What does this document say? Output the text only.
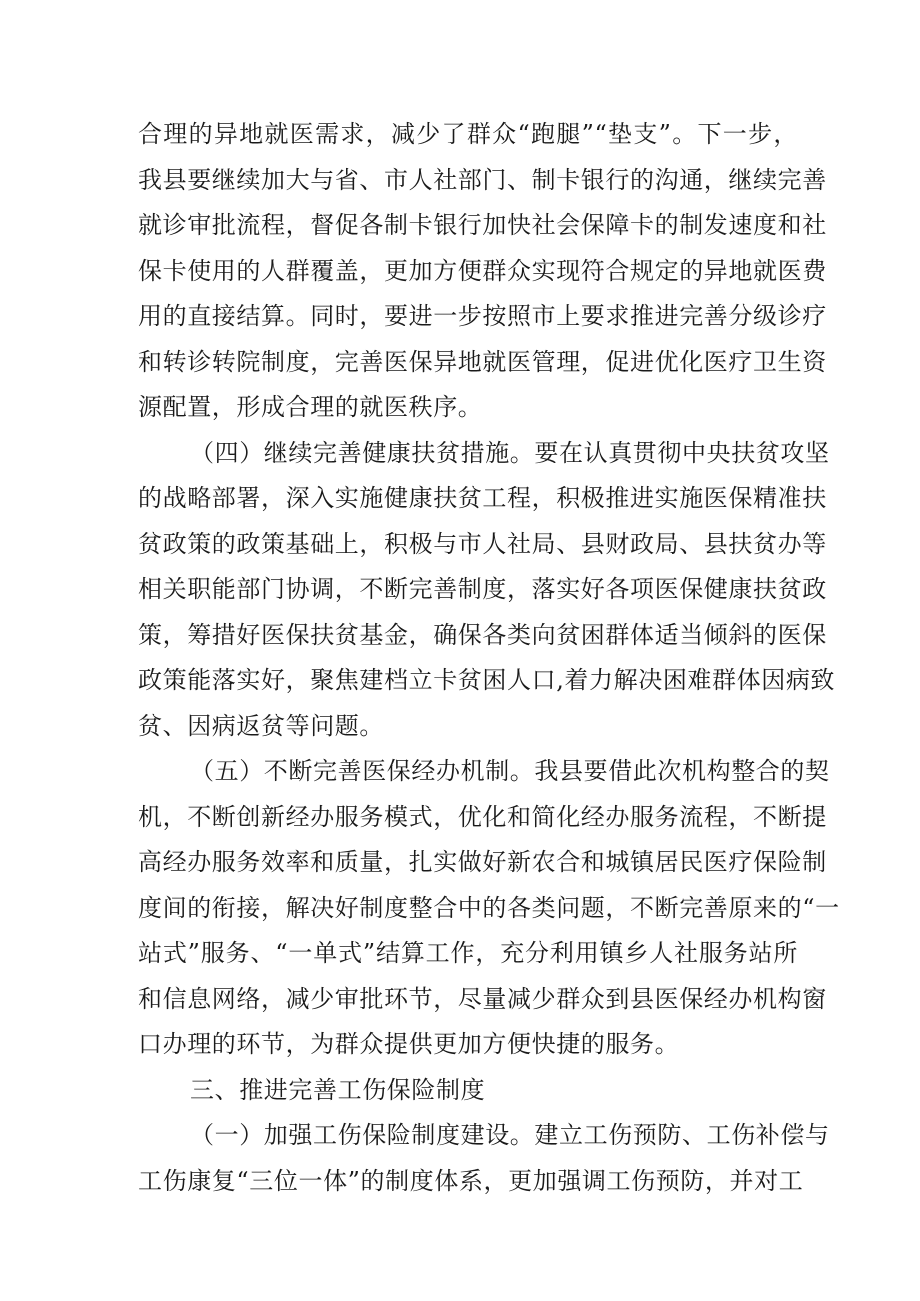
合理的异地就医需求，减少了群众“跑腿”“垫支”。下一步，
我县要继续加大与省、市人社部门、制卡银行的沟通，继续完善
就诊审批流程，督促各制卡银行加快社会保障卡的制发速度和社
保卡使用的人群覆盖，更加方便群众实现符合规定的异地就医费
用的直接结算。同时，要进一步按照市上要求推进完善分级诊疗
和转诊转院制度，完善医保异地就医管理，促进优化医疗卫生资
源配置，形成合理的就医秩序。
（四）继续完善健康扶贫措施。要在认真贯彻中央扶贫攻坚
的战略部署，深入实施健康扶贫工程，积极推进实施医保精准扶
贫政策的政策基础上，积极与市人社局、县财政局、县扶贫办等
相关职能部门协调，不断完善制度，落实好各项医保健康扶贫政
策，筹措好医保扶贫基金，确保各类向贫困群体适当倾斜的医保
政策能落实好，聚焦建档立卡贫困人口,着力解决困难群体因病致
贫、因病返贫等问题。
（五）不断完善医保经办机制。我县要借此次机构整合的契
机，不断创新经办服务模式，优化和简化经办服务流程，不断提
高经办服务效率和质量，扎实做好新农合和城镇居民医疗保险制
度间的衔接，解决好制度整合中的各类问题，不断完善原来的“一
站式”服务、“一单式”结算工作，充分利用镇乡人社服务站所
和信息网络，减少审批环节，尽量减少群众到县医保经办机构窗
口办理的环节，为群众提供更加方便快捷的服务。
三、推进完善工伤保险制度
（一）加强工伤保险制度建设。建立工伤预防、工伤补偿与
工伤康复“三位一体”的制度体系，更加强调工伤预防，并对工
